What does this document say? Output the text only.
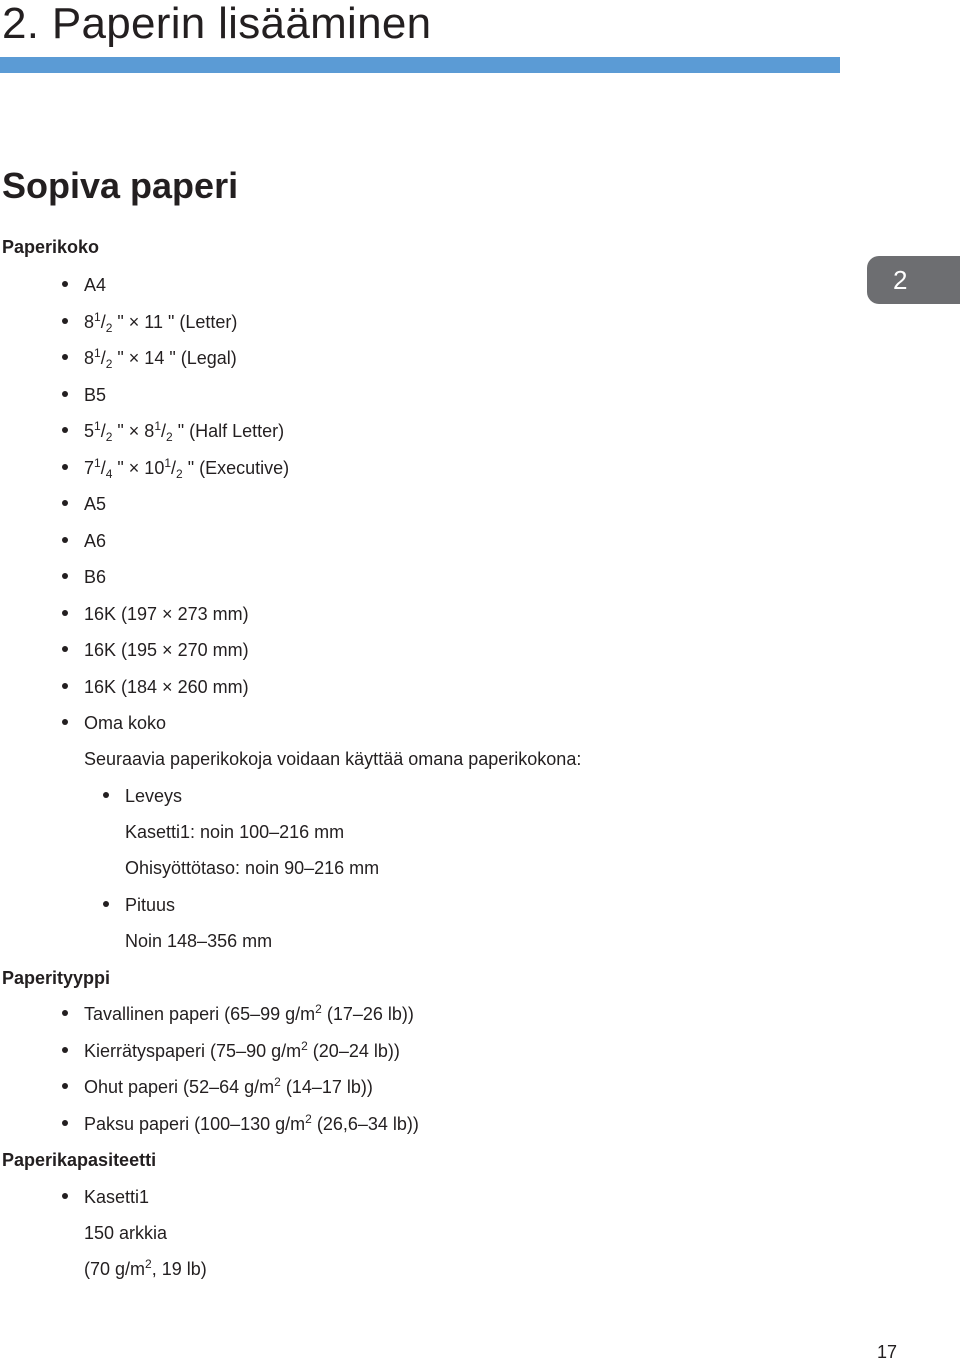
2. Paperin lisääminen
Sopiva paperi
2
Paperikoko
A4
$8^1/_2$ " × 11 " (Letter)
$8^1/_2$ " × 14 " (Legal)
B5
$5^1/_2$ " × $8^1/_2$ " (Half Letter)
$7^1/_4$ " × $10^1/_2$ " (Executive)
A5
A6
B6
16K (197 × 273 mm)
16K (195 × 270 mm)
16K (184 × 260 mm)
Oma koko
Seuraavia paperikokoja voidaan käyttää omana paperikokona:
Leveys
Kasetti1: noin 100–216 mm
Ohisyöttötaso: noin 90–216 mm
Pituus
Noin 148–356 mm
Paperityyppi
Tavallinen paperi (65–99 $g/m^2$ (17–26 lb))
Kierrätyspaperi (75–90 $g/m^2$ (20–24 lb))
Ohut paperi (52–64 $g/m^2$ (14–17 lb))
Paksu paperi (100–130 $g/m^2$ (26,6–34 lb))
Paperikapasiteetti
Kasetti1
150 arkkia
(70 $g/m^2$, 19 lb)
17
